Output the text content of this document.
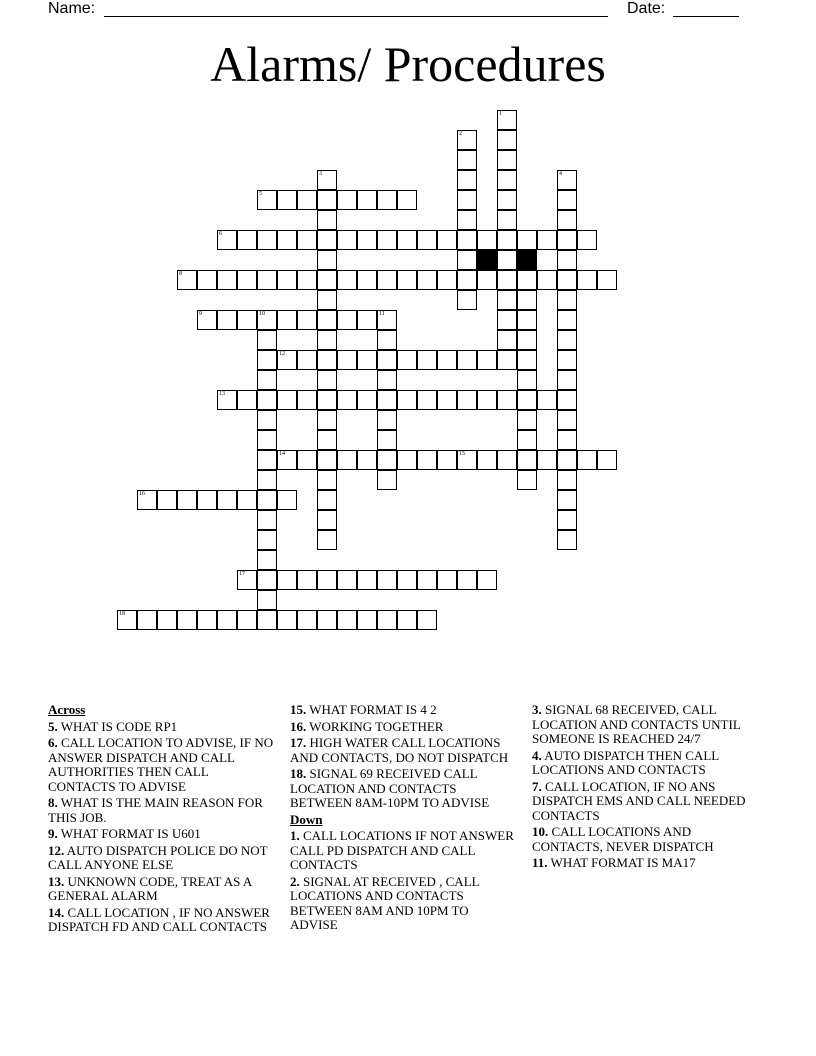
Name:	Date:
Alarms/ Procedures
1
2
3	4
5
6
8
9	10	11
12
13
14	15
16
17
18
Across
5. WHAT IS CODE RP1
6. CALL LOCATION TO ADVISE, IF NO ANSWER DISPATCH AND CALL AUTHORITIES THEN CALL CONTACTS TO ADVISE
8. WHAT IS THE MAIN REASON FOR THIS JOB.
9. WHAT FORMAT IS U601
12. AUTO DISPATCH POLICE DO NOT CALL ANYONE ELSE
13. UNKNOWN CODE, TREAT AS A GENERAL ALARM
14. CALL LOCATION , IF NO ANSWER DISPATCH FD AND CALL CONTACTS
15. WHAT FORMAT IS 4 2
16. WORKING TOGETHER
17. HIGH WATER CALL LOCATIONS AND CONTACTS, DO NOT DISPATCH
18. SIGNAL 69 RECEIVED CALL LOCATION AND CONTACTS BETWEEN 8AM-10PM TO ADVISE
Down
1. CALL LOCATIONS IF NOT ANSWER CALL PD DISPATCH AND CALL CONTACTS
2. SIGNAL AT RECEIVED , CALL LOCATIONS AND CONTACTS BETWEEN 8AM AND 10PM TO ADVISE
3. SIGNAL 68 RECEIVED, CALL LOCATION AND CONTACTS UNTIL SOMEONE IS REACHED 24/7
4. AUTO DISPATCH THEN CALL LOCATIONS AND CONTACTS
7. CALL LOCATION, IF NO ANS DISPATCH EMS AND CALL NEEDED CONTACTS
10. CALL LOCATIONS AND CONTACTS, NEVER DISPATCH
11. WHAT FORMAT IS MA17
